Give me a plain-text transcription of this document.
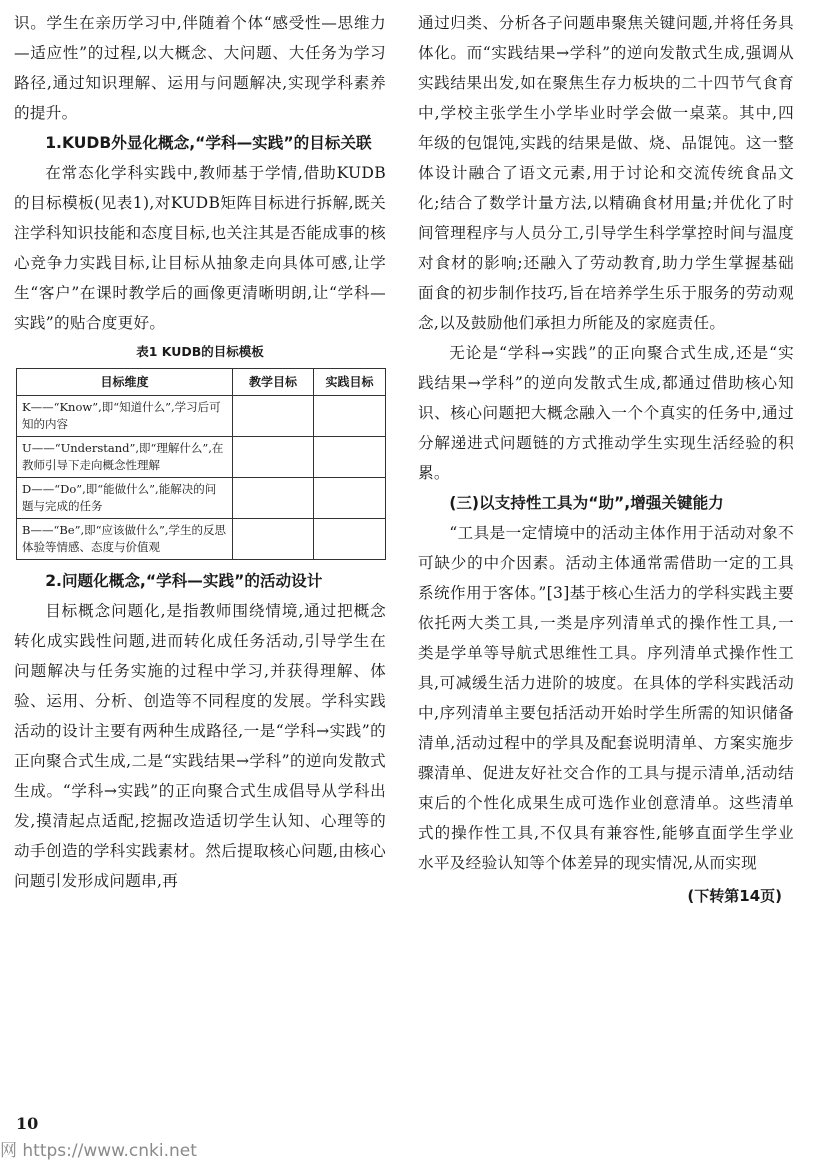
识。学生在亲历学习中,伴随着个体“感受性—思维力—适应性”的过程,以大概念、大问题、大任务为学习路径,通过知识理解、运用与问题解决,实现学科素养的提升。

1.KUDB外显化概念,“学科—实践”的目标关联

在常态化学科实践中,教师基于学情,借助KUDB的目标模板(见表1),对KUDB矩阵目标进行拆解,既关注学科知识技能和态度目标,也关注其是否能成事的核心竞争力实践目标,让目标从抽象走向具体可感,让学生“客户”在课时教学后的画像更清晰明朗,让“学科—实践”的贴合度更好。

表1 KUDB的目标模板
目标维度	教学目标	实践目标
K——“Know”,即“知道什么”,学习后可知的内容		
U——“Understand”,即“理解什么”,在教师引导下走向概念性理解		
D——“Do”,即“能做什么”,能解决的问题与完成的任务		
B——“Be”,即“应该做什么”,学生的反思体验等情感、态度与价值观		

2.问题化概念,“学科—实践”的活动设计

目标概念问题化,是指教师围绕情境,通过把概念转化成实践性问题,进而转化成任务活动,引导学生在问题解决与任务实施的过程中学习,并获得理解、体验、运用、分析、创造等不同程度的发展。学科实践活动的设计主要有两种生成路径,一是“学科→实践”的正向聚合式生成,二是“实践结果→学科”的逆向发散式生成。“学科→实践”的正向聚合式生成倡导从学科出发,摸清起点适配,挖掘改造适切学生认知、心理等的动手创造的学科实践素材。然后提取核心问题,由核心问题引发形成问题串,再

通过归类、分析各子问题串聚焦关键问题,并将任务具体化。而“实践结果→学科”的逆向发散式生成,强调从实践结果出发,如在聚焦生存力板块的二十四节气食育中,学校主张学生小学毕业时学会做一桌菜。其中,四年级的包馄饨,实践的结果是做、烧、品馄饨。这一整体设计融合了语文元素,用于讨论和交流传统食品文化;结合了数学计量方法,以精确食材用量;并优化了时间管理程序与人员分工,引导学生科学掌控时间与温度对食材的影响;还融入了劳动教育,助力学生掌握基础面食的初步制作技巧,旨在培养学生乐于服务的劳动观念,以及鼓励他们承担力所能及的家庭责任。

无论是“学科→实践”的正向聚合式生成,还是“实践结果→学科”的逆向发散式生成,都通过借助核心知识、核心问题把大概念融入一个个真实的任务中,通过分解递进式问题链的方式推动学生实现生活经验的积累。

(三)以支持性工具为“助”,增强关键能力

“工具是一定情境中的活动主体作用于活动对象不可缺少的中介因素。活动主体通常需借助一定的工具系统作用于客体。”[3]基于核心生活力的学科实践主要依托两大类工具,一类是序列清单式的操作性工具,一类是学单等导航式思维性工具。序列清单式操作性工具,可减缓生活力进阶的坡度。在具体的学科实践活动中,序列清单主要包括活动开始时学生所需的知识储备清单,活动过程中的学具及配套说明清单、方案实施步骤清单、促进友好社交合作的工具与提示清单,活动结束后的个性化成果生成可选作业创意清单。这些清单式的操作性工具,不仅具有兼容性,能够直面学生学业水平及经验认知等个体差异的现实情况,从而实现

(下转第14页)

10
网 https://www.cnki.net
